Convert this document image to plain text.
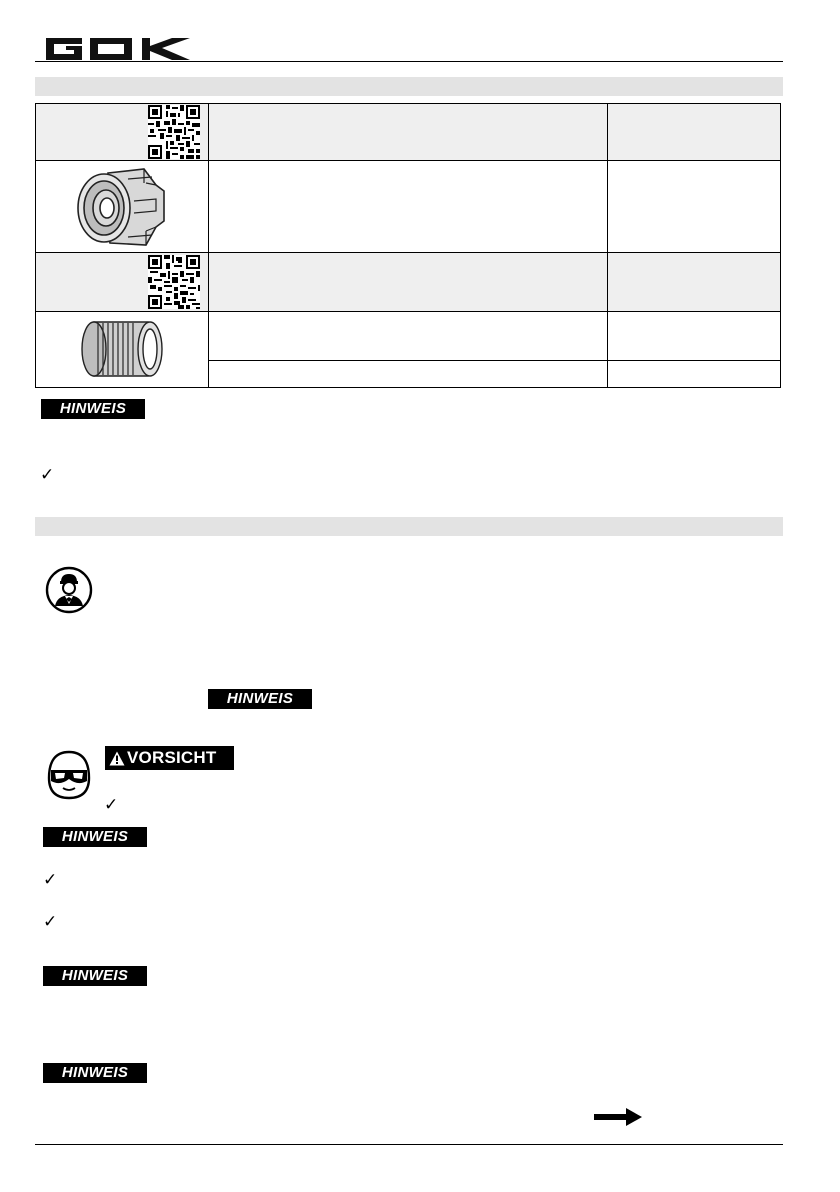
HINWEIS
✓
HINWEIS
VORSICHT
✓
HINWEIS
✓
✓
HINWEIS
HINWEIS
